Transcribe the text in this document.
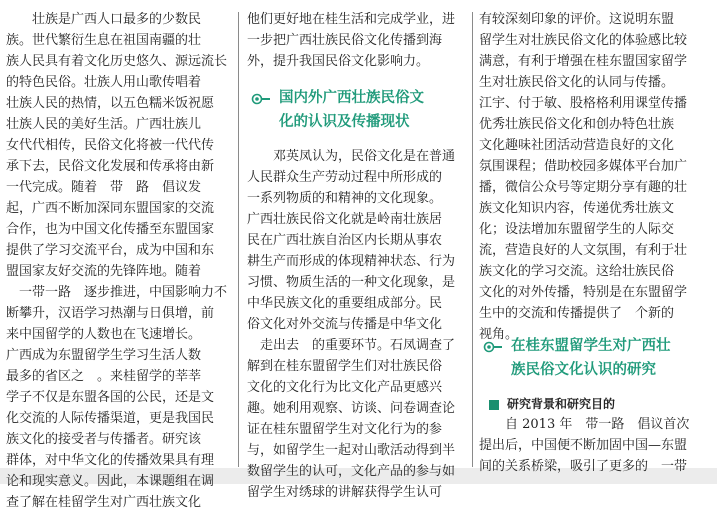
　　壮族是广西人口最多的少数民
族。世代繁衍生息在祖国南疆的壮
族人民具有着文化历史悠久、源远流长
的特色民俗。壮族人用山歌传唱着
壮族人民的热情，以五色糯米饭祝愿
壮族人民的美好生活。广西壮族儿
女代代相传，民俗文化将被一代代传
承下去，民俗文化发展和传承将由新
一代完成。随着　带　路　倡议发
起，广西不断加深同东盟国家的交流
合作，也为中国文化传播至东盟国家
提供了学习交流平台，成为中国和东
盟国家友好交流的先锋阵地。随着
　一带一路　逐步推进，中国影响力不
断攀升，汉语学习热潮与日俱增，前
来中国留学的人数也在飞速增长。
广西成为东盟留学生学习生活人数
最多的省区之　。来桂留学的莘莘
学子不仅是东盟各国的公民，还是文
化交流的人际传播渠道，更是我国民
族文化的接受者与传播者。研究该
群体，对中华文化的传播效果具有理
论和现实意义。因此，本课题组在调
查了解在桂留学生对广西壮族文化
他们更好地在桂生活和完成学业，进
一步把广西壮族民俗文化传播到海
外，提升我国民俗文化影响力。
国内外广西壮族民俗文
化的认识及传播现状
　　邓英凤认为，民俗文化是在普通
人民群众生产劳动过程中所形成的
一系列物质的和精神的文化现象。
广西壮族民俗文化就是岭南壮族居
民在广西壮族自治区内长期从事农
耕生产而形成的体现精神状态、行为
习惯、物质生活的一种文化现象，是
中华民族文化的重要组成部分。民
俗文化对外交流与传播是中华文化
　走出去　的重要环节。石凤调查了
解到在桂东盟留学生们对壮族民俗
文化的文化行为比文化产品更感兴
趣。她利用观察、访谈、问卷调查论
证在桂东盟留学生对文化行为的参
与，如留学生一起对山歌活动得到半
数留学生的认可，文化产品的参与如
留学生对绣球的讲解获得学生认可
有较深刻印象的评价。这说明东盟
留学生对壮族民俗文化的体验感比较
满意，有利于增强在桂东盟国家留学
生对壮族民俗文化的认同与传播。
江宇、付于敏、股格格利用课堂传播
优秀壮族民俗文化和创办特色壮族
文化趣味社团活动营造良好的文化
氛围课程；借助校园多媒体平台加广
播，微信公众号等定期分享有趣的壮
族文化知识内容，传递优秀壮族文
化；设法增加东盟留学生的人际交
流，营造良好的人文氛围，有利于壮
族文化的学习交流。这给壮族民俗
文化的对外传播，特别是在东盟留学
生中的交流和传播提供了　个新的
视角。
在桂东盟留学生对广西壮
族民俗文化认识的研究
研究背景和研究目的
　　自 2013 年　带一路　倡议首次
提出后，中国便不断加固中国—东盟
间的关系桥梁，吸引了更多的　一带
